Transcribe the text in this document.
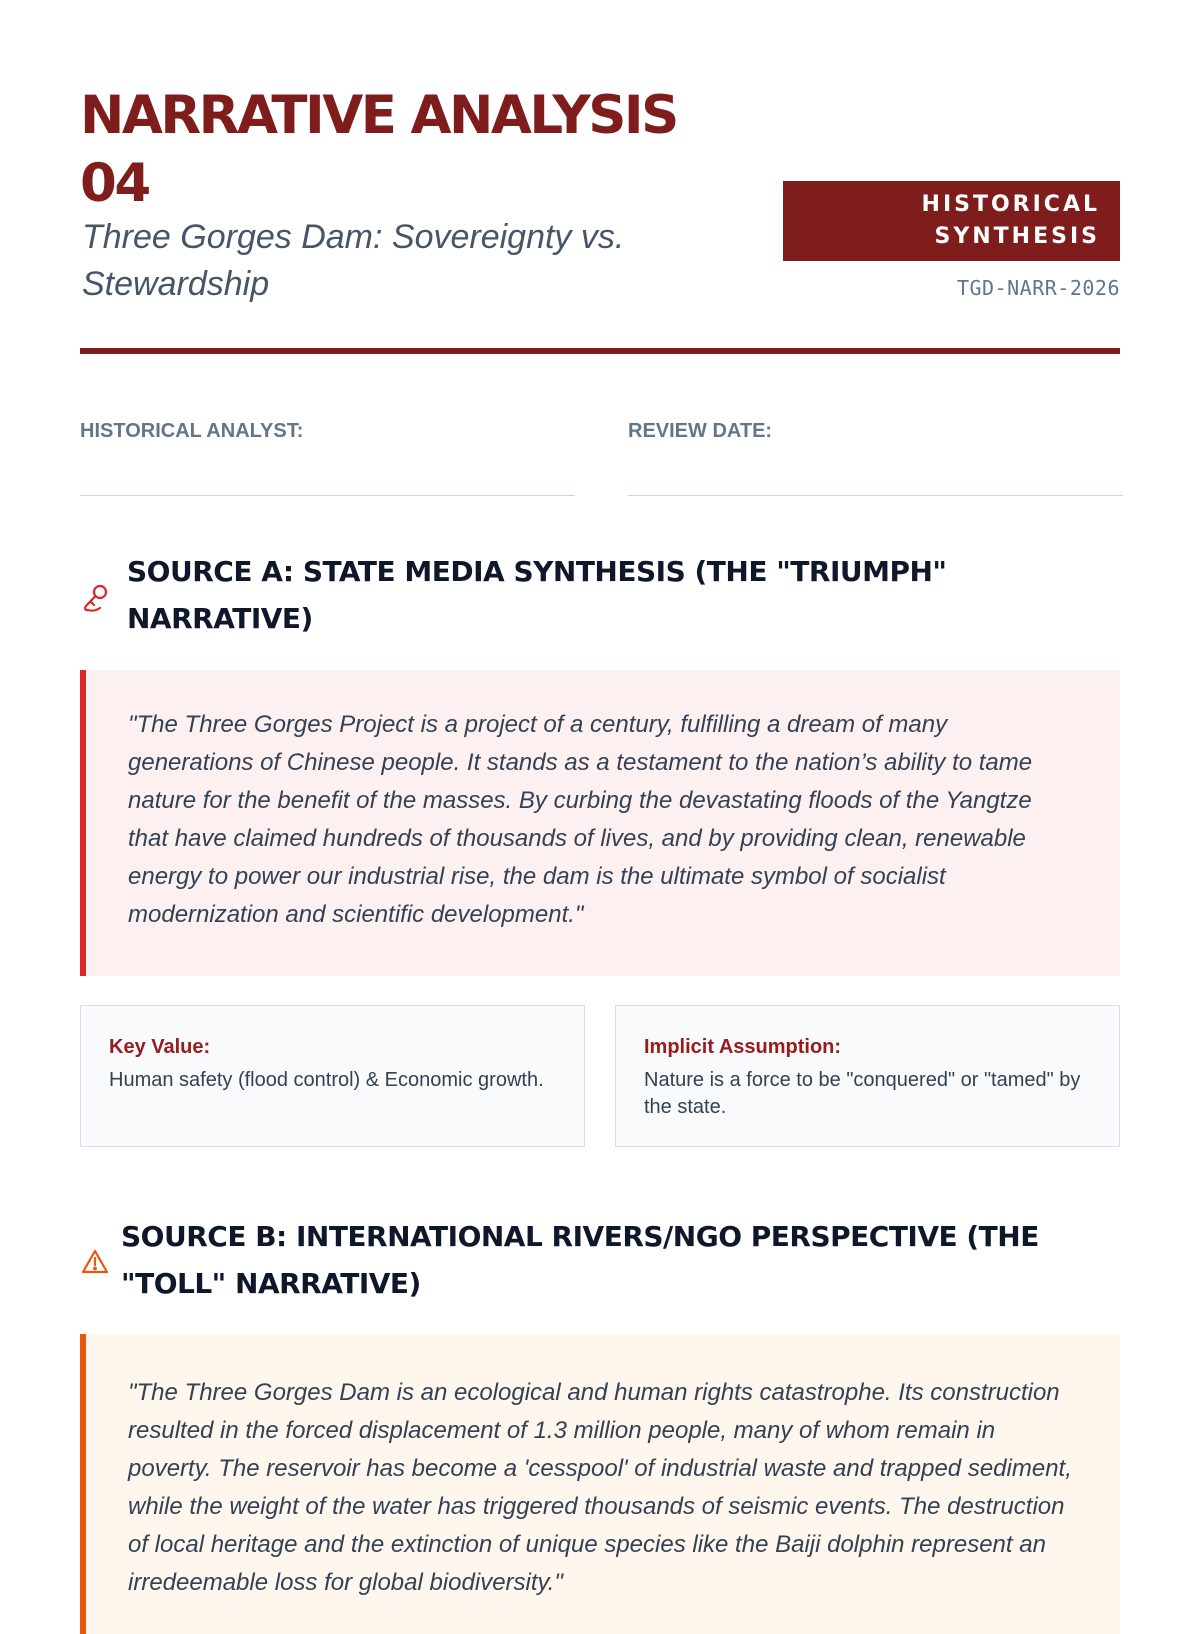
NARRATIVE ANALYSIS
04

Three Gorges Dam: Sovereignty vs. Stewardship

HISTORICAL
SYNTHESIS
TGD-NARR-2026
HISTORICAL ANALYST:	REVIEW DATE:
SOURCE A: STATE MEDIA SYNTHESIS (THE "TRIUMPH" NARRATIVE)
"The Three Gorges Project is a project of a century, fulfilling a dream of many generations of Chinese people. It stands as a testament to the nation’s ability to tame nature for the benefit of the masses. By curbing the devastating floods of the Yangtze that have claimed hundreds of thousands of lives, and by providing clean, renewable energy to power our industrial rise, the dam is the ultimate symbol of socialist modernization and scientific development."
Key Value:
Human safety (flood control) & Economic growth.
Implicit Assumption:
Nature is a force to be "conquered" or "tamed" by the state.
SOURCE B: INTERNATIONAL RIVERS/NGO PERSPECTIVE (THE "TOLL" NARRATIVE)
"The Three Gorges Dam is an ecological and human rights catastrophe. Its construction resulted in the forced displacement of 1.3 million people, many of whom remain in poverty. The reservoir has become a 'cesspool' of industrial waste and trapped sediment, while the weight of the water has triggered thousands of seismic events. The destruction of local heritage and the extinction of unique species like the Baiji dolphin represent an irredeemable loss for global biodiversity."
